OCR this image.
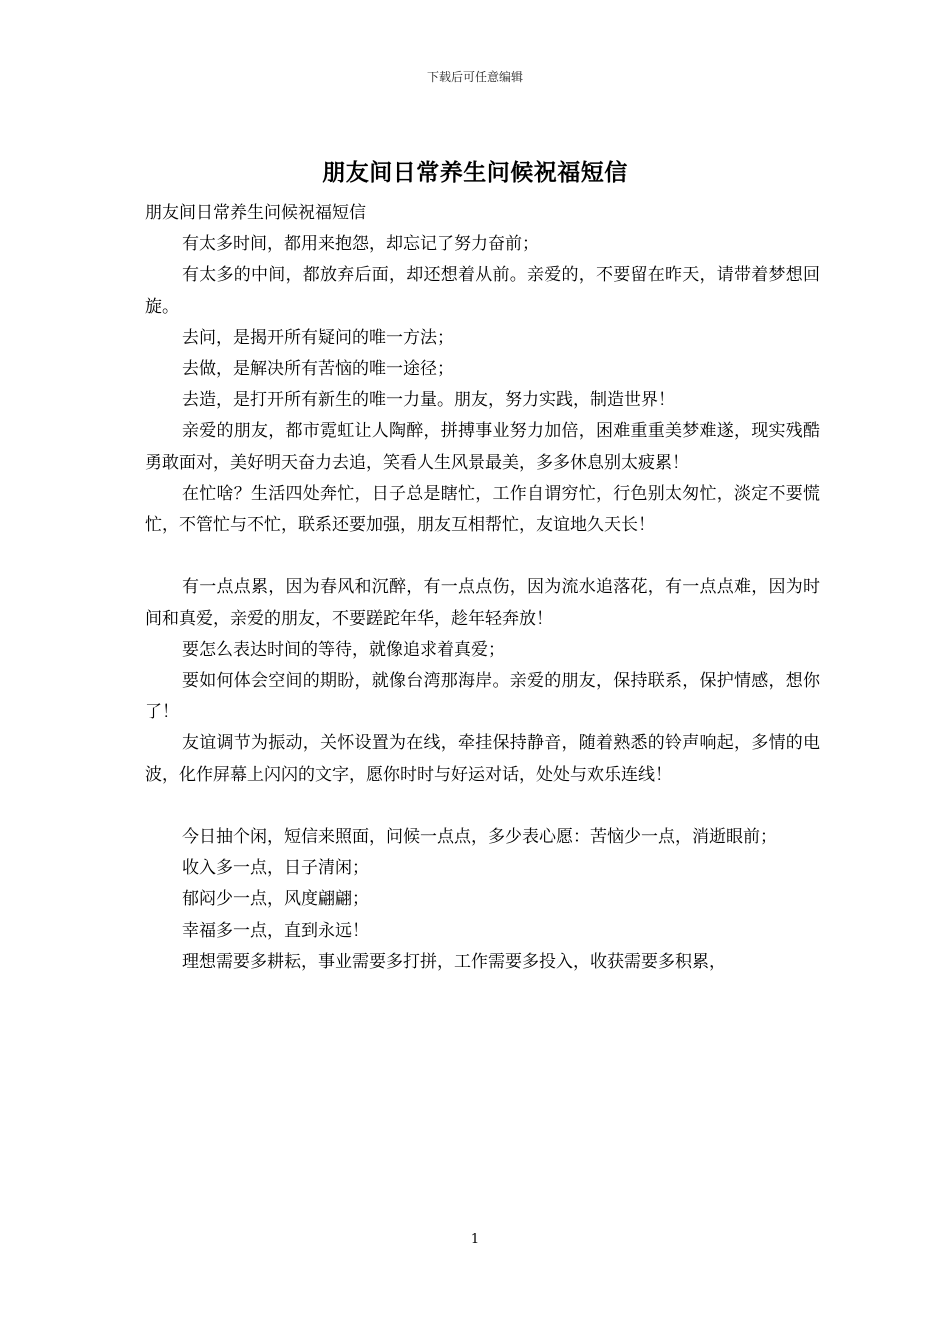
下载后可任意编辑
朋友间日常养生问候祝福短信

朋友间日常养生问候祝福短信

有太多时间，都用来抱怨，却忘记了努力奋前；

有太多的中间，都放弃后面，却还想着从前。亲爱的，不要留在昨天，请带着梦想回旋。

去问，是揭开所有疑问的唯一方法；

去做，是解决所有苦恼的唯一途径；

去造，是打开所有新生的唯一力量。朋友，努力实践，制造世界！

亲爱的朋友，都市霓虹让人陶醉，拼搏事业努力加倍，困难重重美梦难遂，现实残酷勇敢面对，美好明天奋力去追，笑看人生风景最美，多多休息别太疲累！

在忙啥？生活四处奔忙，日子总是瞎忙，工作自谓穷忙，行色别太匆忙，淡定不要慌忙，不管忙与不忙，联系还要加强，朋友互相帮忙，友谊地久天长！

有一点点累，因为春风和沉醉，有一点点伤，因为流水追落花，有一点点难，因为时间和真爱，亲爱的朋友，不要蹉跎年华，趁年轻奔放！

要怎么表达时间的等待，就像追求着真爱；

要如何体会空间的期盼，就像台湾那海岸。亲爱的朋友，保持联系，保护情感，想你了！

友谊调节为振动，关怀设置为在线，牵挂保持静音，随着熟悉的铃声响起，多情的电波，化作屏幕上闪闪的文字，愿你时时与好运对话，处处与欢乐连线！

今日抽个闲，短信来照面，问候一点点，多少表心愿：苦恼少一点，消逝眼前；

收入多一点，日子清闲；

郁闷少一点，风度翩翩；

幸福多一点，直到永远！

理想需要多耕耘，事业需要多打拼，工作需要多投入，收获需要多积累，

1
